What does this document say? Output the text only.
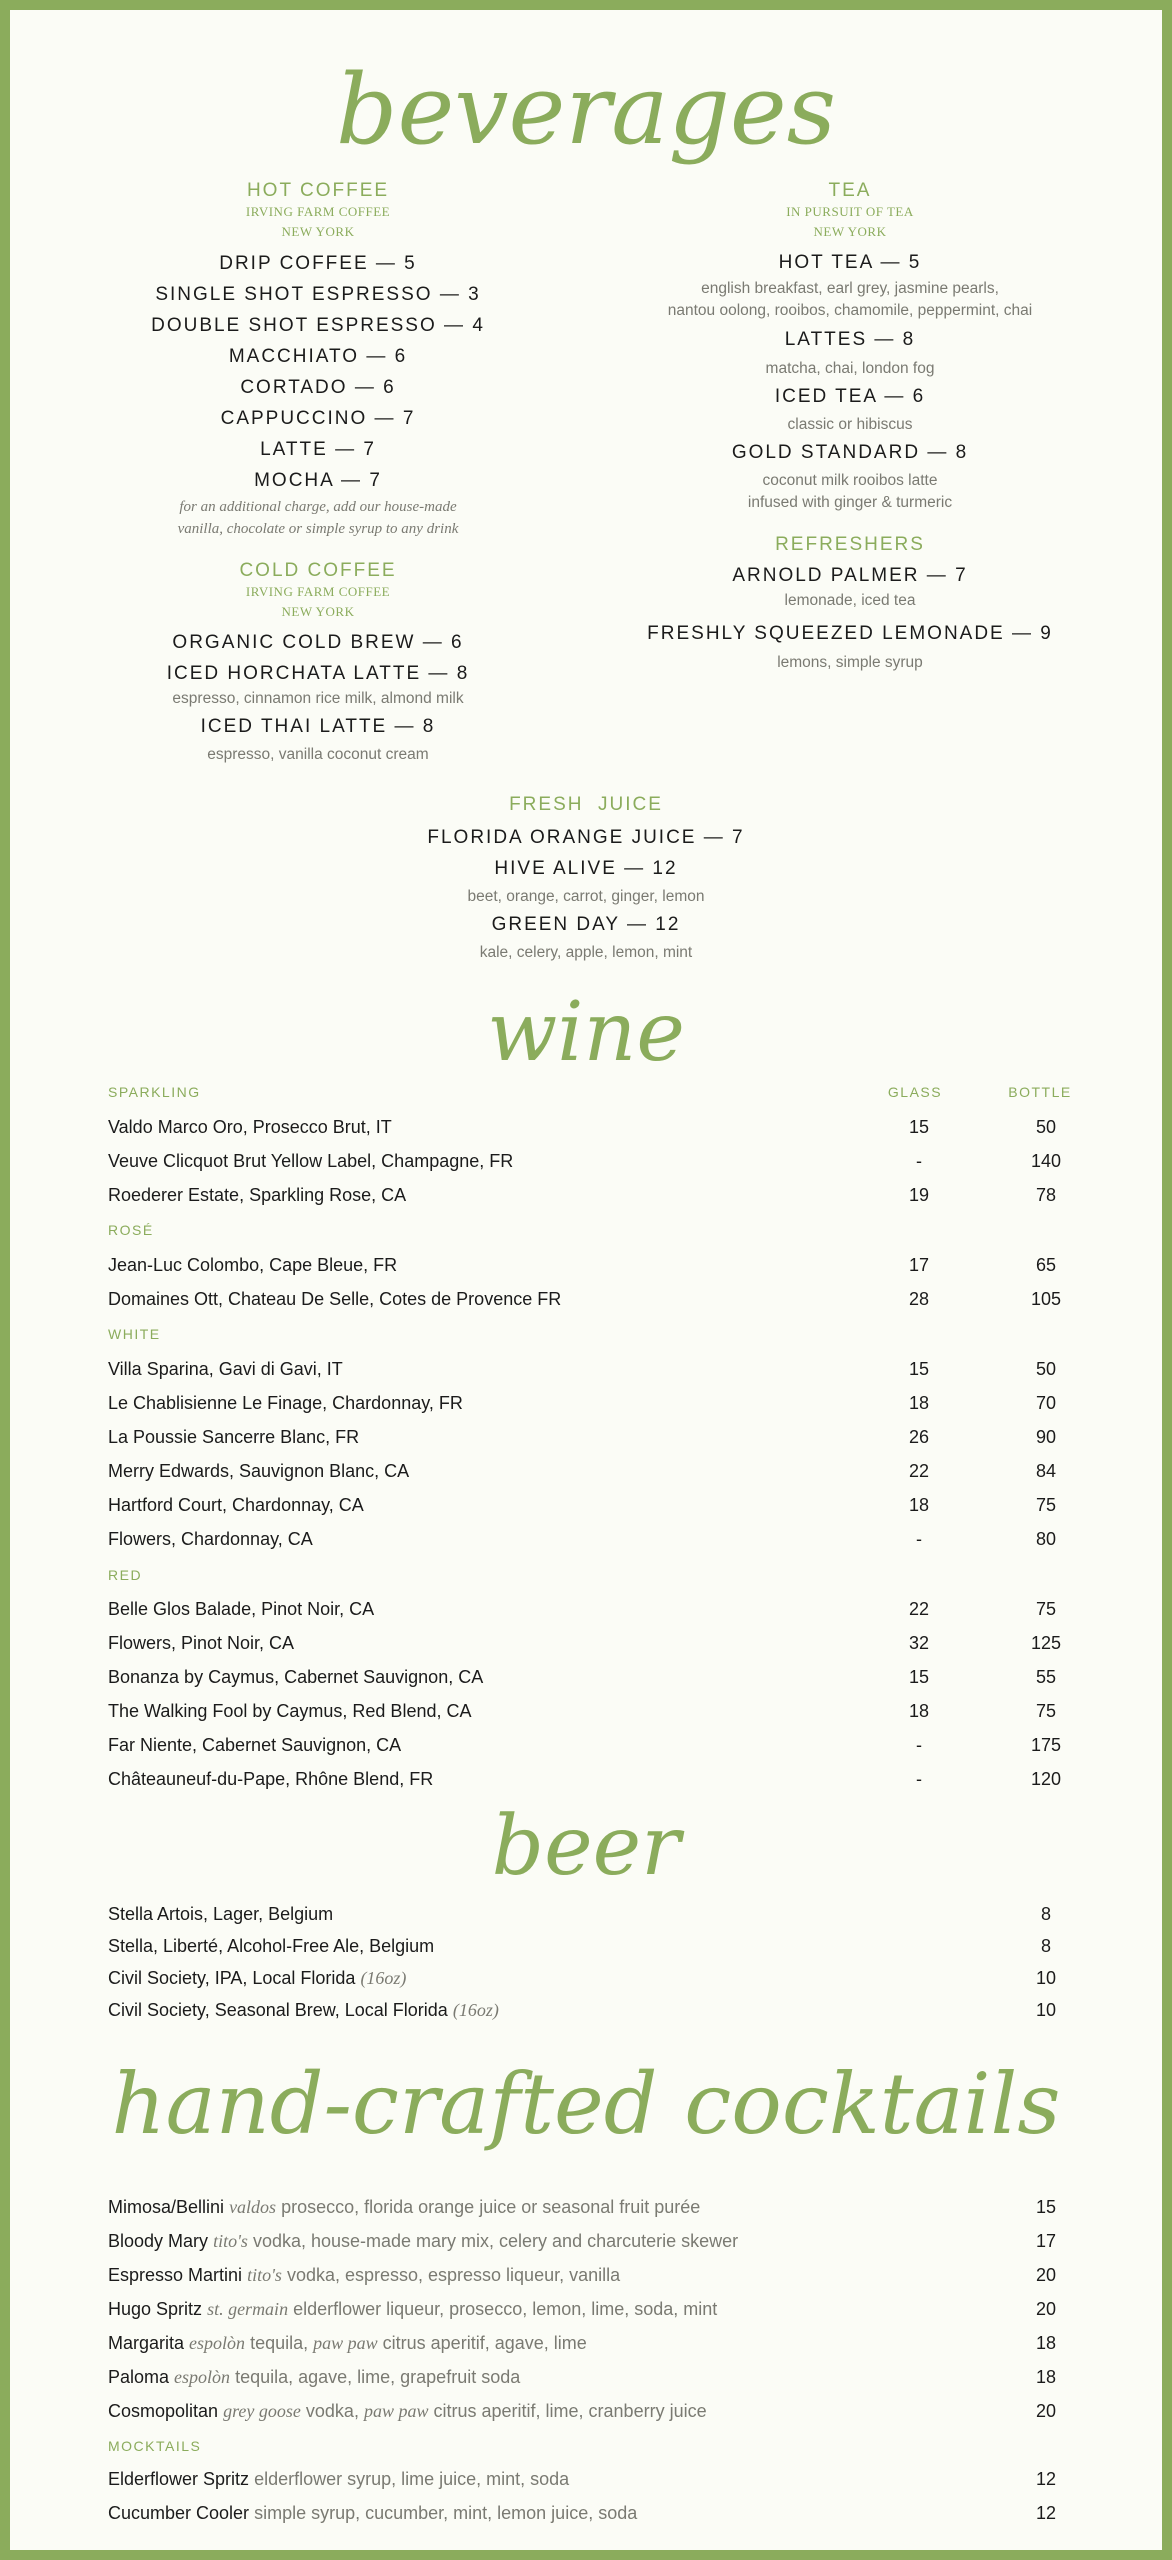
beverages
HOT COFFEE
IRVING FARM COFFEE
NEW YORK
DRIP COFFEE — 5
SINGLE SHOT ESPRESSO — 3
DOUBLE SHOT ESPRESSO — 4
MACCHIATO — 6
CORTADO — 6
CAPPUCCINO — 7
LATTE — 7
MOCHA — 7
for an additional charge, add our house-made
vanilla, chocolate or simple syrup to any drink
COLD COFFEE
IRVING FARM COFFEE
NEW YORK
ORGANIC COLD BREW — 6
ICED HORCHATA LATTE — 8
espresso, cinnamon rice milk, almond milk
ICED THAI LATTE — 8
espresso, vanilla coconut cream
TEA
IN PURSUIT OF TEA
NEW YORK
HOT TEA — 5
english breakfast, earl grey, jasmine pearls,
nantou oolong, rooibos, chamomile, peppermint, chai
LATTES — 8
matcha, chai, london fog
ICED TEA — 6
classic or hibiscus
GOLD STANDARD — 8
coconut milk rooibos latte
infused with ginger & turmeric
REFRESHERS
ARNOLD PALMER — 7
lemonade, iced tea
FRESHLY SQUEEZED LEMONADE — 9
lemons, simple syrup
FRESH  JUICE
FLORIDA ORANGE JUICE — 7
HIVE ALIVE — 12
beet, orange, carrot, ginger, lemon
GREEN DAY — 12
kale, celery, apple, lemon, mint
wine
SPARKLING	GLASS	BOTTLE
Valdo Marco Oro, Prosecco Brut, IT	15	50
Veuve Clicquot Brut Yellow Label, Champagne, FR	-	140
Roederer Estate, Sparkling Rose, CA	19	78
ROSÉ
Jean-Luc Colombo, Cape Bleue, FR	17	65
Domaines Ott, Chateau De Selle, Cotes de Provence FR	28	105
WHITE
Villa Sparina, Gavi di Gavi, IT	15	50
Le Chablisienne Le Finage, Chardonnay, FR	18	70
La Poussie Sancerre Blanc, FR	26	90
Merry Edwards, Sauvignon Blanc, CA	22	84
Hartford Court, Chardonnay, CA	18	75
Flowers, Chardonnay, CA	-	80
RED
Belle Glos Balade, Pinot Noir, CA	22	75
Flowers, Pinot Noir, CA	32	125
Bonanza by Caymus, Cabernet Sauvignon, CA	15	55
The Walking Fool by Caymus, Red Blend, CA	18	75
Far Niente, Cabernet Sauvignon, CA	-	175
Châteauneuf-du-Pape, Rhône Blend, FR	-	120
beer
Stella Artois, Lager, Belgium	8
Stella, Liberté, Alcohol-Free Ale, Belgium	8
Civil Society, IPA, Local Florida (16oz)	10
Civil Society, Seasonal Brew, Local Florida (16oz)	10
hand-crafted cocktails
Mimosa/Bellini valdos prosecco, florida orange juice or seasonal fruit purée	15
Bloody Mary tito's vodka, house-made mary mix, celery and charcuterie skewer	17
Espresso Martini tito's vodka, espresso, espresso liqueur, vanilla	20
Hugo Spritz st. germain elderflower liqueur, prosecco, lemon, lime, soda, mint	20
Margarita espolòn tequila, paw paw citrus aperitif, agave, lime	18
Paloma espolòn tequila, agave, lime, grapefruit soda	18
Cosmopolitan grey goose vodka, paw paw citrus aperitif, lime, cranberry juice	20
MOCKTAILS
Elderflower Spritz elderflower syrup, lime juice, mint, soda	12
Cucumber Cooler simple syrup, cucumber, mint, lemon juice, soda	12
